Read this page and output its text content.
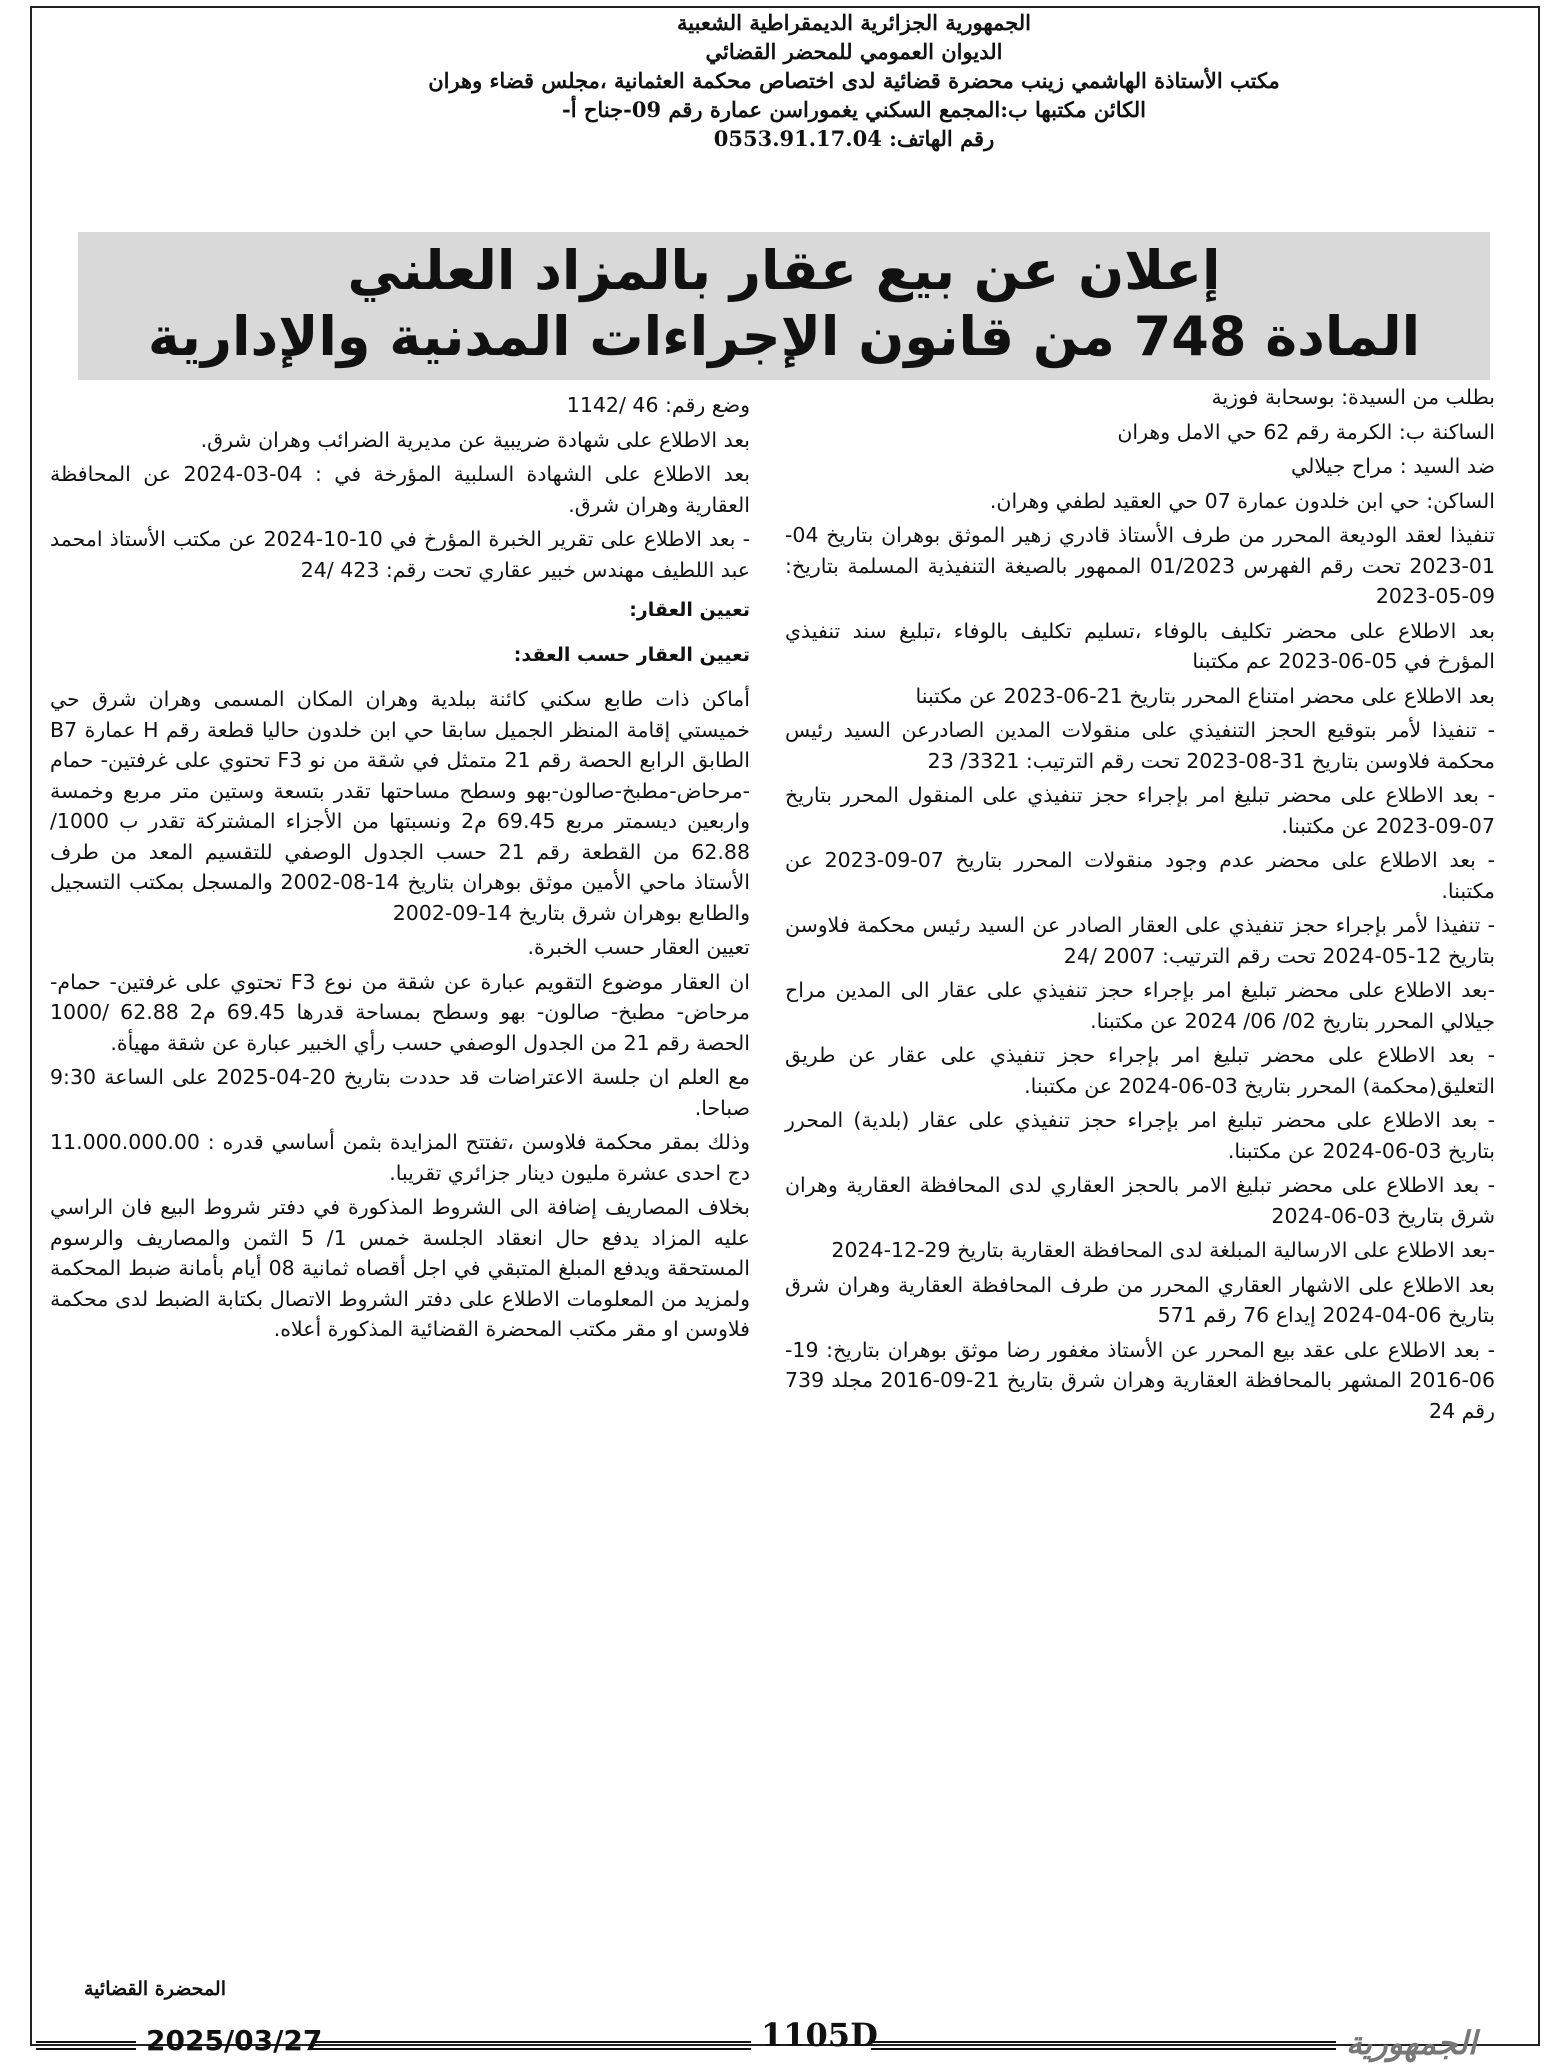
الجمهورية الجزائرية الديمقراطية الشعبية
الديوان العمومي للمحضر القضائي
مكتب الأستاذة الهاشمي زينب محضرة قضائية لدى اختصاص محكمة العثمانية ،مجلس قضاء وهران
الكائن مكتبها ب:المجمع السكني يغموراسن عمارة رقم 09-جناح أ-
رقم الهاتف: 0553.91.17.04
إعلان عن بيع عقار بالمزاد العلني
المادة 748 من قانون الإجراءات المدنية والإدارية

بطلب من السيدة: بوسحابة فوزية

الساكنة ب: الكرمة رقم 62 حي الامل وهران

ضد السيد : مراح جيلالي

الساكن: حي ابن خلدون عمارة 07 حي العقيد لطفي وهران.

تنفيذا لعقد الوديعة المحرر من طرف الأستاذ قادري زهير الموثق بوهران بتاريخ 04-01-2023 تحت رقم الفهرس 01/2023 الممهور بالصيغة التنفيذية المسلمة بتاريخ: 09-05-2023

بعد الاطلاع على محضر تكليف بالوفاء ،تسليم تكليف بالوفاء ،تبليغ سند تنفيذي المؤرخ في 05-06-2023 عم مكتبنا

بعد الاطلاع على محضر امتناع المحرر بتاريخ 21-06-2023 عن مكتبنا

- تنفيذا لأمر بتوقيع الحجز التنفيذي على منقولات المدين الصادرعن السيد رئيس محكمة فلاوسن بتاريخ 31-08-2023 تحت رقم الترتيب: 3321/ 23

- بعد الاطلاع على محضر تبليغ امر بإجراء حجز تنفيذي على المنقول المحرر بتاريخ 07-09-2023 عن مكتبنا.

- بعد الاطلاع على محضر عدم وجود منقولات المحرر بتاريخ 07-09-2023 عن مكتبنا.

- تنفيذا لأمر بإجراء حجز تنفيذي على العقار الصادر عن السيد رئيس محكمة فلاوسن بتاريخ 12-05-2024 تحت رقم الترتيب: 2007 /24

-بعد الاطلاع على محضر تبليغ امر بإجراء حجز تنفيذي على عقار الى المدين مراح جيلالي المحرر بتاريخ 02/ 06/ 2024 عن مكتبنا.

- بعد الاطلاع على محضر تبليغ امر بإجراء حجز تنفيذي على عقار عن طريق التعليق(محكمة) المحرر بتاريخ 03-06-2024 عن مكتبنا.

- بعد الاطلاع على محضر تبليغ امر بإجراء حجز تنفيذي على عقار (بلدية) المحرر بتاريخ 03-06-2024 عن مكتبنا.

- بعد الاطلاع على محضر تبليغ الامر بالحجز العقاري لدى المحافظة العقارية وهران شرق بتاريخ 03-06-2024

-بعد الاطلاع على الارسالية المبلغة لدى المحافظة العقارية بتاريخ 29-12-2024

بعد الاطلاع على الاشهار العقاري المحرر من طرف المحافظة العقارية وهران شرق بتاريخ 06-04-2024 إيداع 76 رقم 571

- بعد الاطلاع على عقد بيع المحرر عن الأستاذ مغفور رضا موثق بوهران بتاريخ: 19-06-2016 المشهر بالمحافظة العقارية وهران شرق بتاريخ 21-09-2016 مجلد 739 رقم 24

وضع رقم: 46 /1142

بعد الاطلاع على شهادة ضريبية عن مديرية الضرائب وهران شرق.

بعد الاطلاع على الشهادة السلبية المؤرخة في : 04-03-2024 عن المحافظة العقارية وهران شرق.

- بعد الاطلاع على تقرير الخبرة المؤرخ في 10-10-2024 عن مكتب الأستاذ امحمد عبد اللطيف مهندس خبير عقاري تحت رقم: 423 /24

تعيين العقار:

تعيين العقار حسب العقد:

أماكن ذات طابع سكني كائنة ببلدية وهران المكان المسمى وهران شرق حي خميستي إقامة المنظر الجميل سابقا حي ابن خلدون حاليا قطعة رقم H عمارة B7 الطابق الرابع الحصة رقم 21 متمثل في شقة من نو F3 تحتوي على غرفتين- حمام -مرحاض-مطبخ-صالون-بهو وسطح مساحتها تقدر بتسعة وستين متر مربع وخمسة واربعين ديسمتر مربع 69.45 م2 ونسبتها من الأجزاء المشتركة تقدر ب 1000/ 62.88 من القطعة رقم 21 حسب الجدول الوصفي للتقسيم المعد من طرف الأستاذ ماحي الأمين موثق بوهران بتاريخ 14-08-2002 والمسجل بمكتب التسجيل والطابع بوهران شرق بتاريخ 14-09-2002

تعيين العقار حسب الخبرة.

ان العقار موضوع التقويم عبارة عن شقة من نوع F3 تحتوي على غرفتين- حمام- مرحاض- مطبخ- صالون- بهو وسطح بمساحة قدرها 69.45 م2 62.88 /1000 الحصة رقم 21 من الجدول الوصفي حسب رأي الخبير عبارة عن شقة مهيأة.

مع العلم ان جلسة الاعتراضات قد حددت بتاريخ 20-04-2025 على الساعة 9:30 صباحا.

وذلك بمقر محكمة فلاوسن ،تفتتح المزايدة بثمن أساسي قدره : 11.000.000.00 دج احدى عشرة مليون دينار جزائري تقريبا.

بخلاف المصاريف إضافة الى الشروط المذكورة في دفتر شروط البيع فان الراسي عليه المزاد يدفع حال انعقاد الجلسة خمس 1/ 5 الثمن والمصاريف والرسوم المستحقة ويدفع المبلغ المتبقي في اجل أقصاه ثمانية 08 أيام بأمانة ضبط المحكمة ولمزيد من المعلومات الاطلاع على دفتر الشروط الاتصال بكتابة الضبط لدى محكمة فلاوسن او مقر مكتب المحضرة القضائية المذكورة أعلاه.

المحضرة القضائية
2025/03/27	1105D	الجمهورية
